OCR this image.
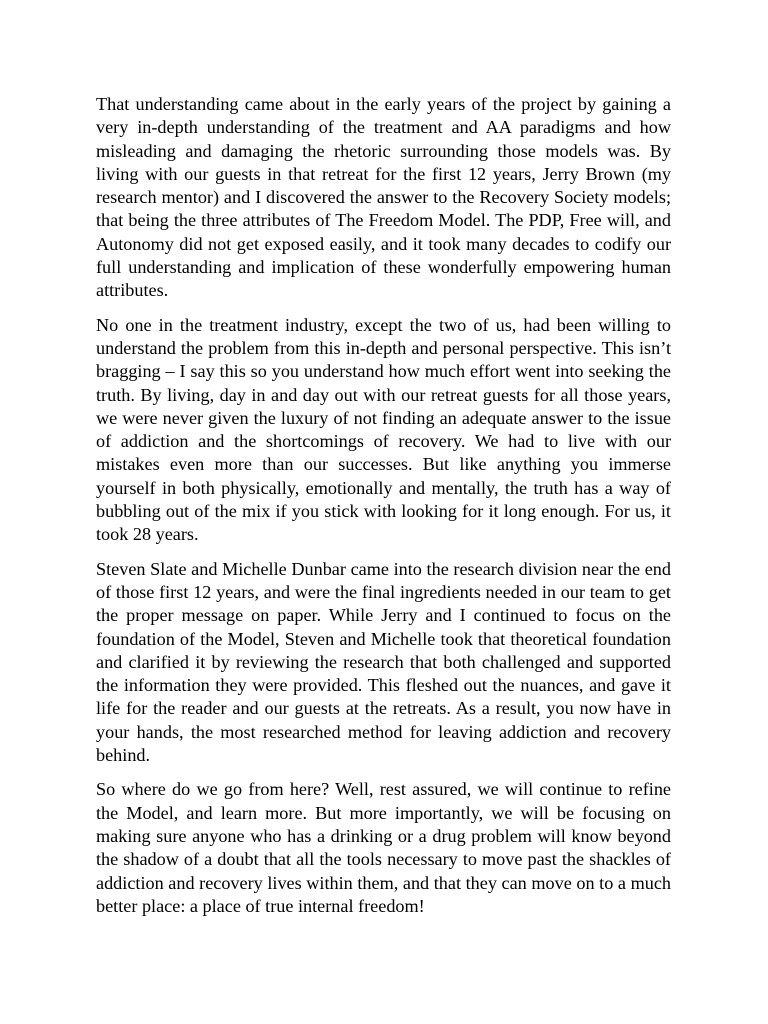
That understanding came about in the early years of the project by gaining a very in-depth understanding of the treatment and AA paradigms and how misleading and damaging the rhetoric surrounding those models was. By living with our guests in that retreat for the first 12 years, Jerry Brown (my research mentor) and I discovered the answer to the Recovery Society models; that being the three attributes of The Freedom Model. The PDP, Free will, and Autonomy did not get exposed easily, and it took many decades to codify our full understanding and implication of these wonderfully empowering human attributes.

No one in the treatment industry, except the two of us, had been willing to understand the problem from this in-depth and personal perspective. This isn’t bragging – I say this so you understand how much effort went into seeking the truth. By living, day in and day out with our retreat guests for all those years, we were never given the luxury of not finding an adequate answer to the issue of addiction and the shortcomings of recovery. We had to live with our mistakes even more than our successes. But like anything you immerse yourself in both physically, emotionally and mentally, the truth has a way of bubbling out of the mix if you stick with looking for it long enough. For us, it took 28 years.

Steven Slate and Michelle Dunbar came into the research division near the end of those first 12 years, and were the final ingredients needed in our team to get the proper message on paper. While Jerry and I continued to focus on the foundation of the Model, Steven and Michelle took that theoretical foundation and clarified it by reviewing the research that both challenged and supported the information they were provided. This fleshed out the nuances, and gave it life for the reader and our guests at the retreats. As a result, you now have in your hands, the most researched method for leaving addiction and recovery behind.

So where do we go from here? Well, rest assured, we will continue to refine the Model, and learn more. But more importantly, we will be focusing on making sure anyone who has a drinking or a drug problem will know beyond the shadow of a doubt that all the tools necessary to move past the shackles of addiction and recovery lives within them, and that they can move on to a much better place: a place of true internal freedom!
